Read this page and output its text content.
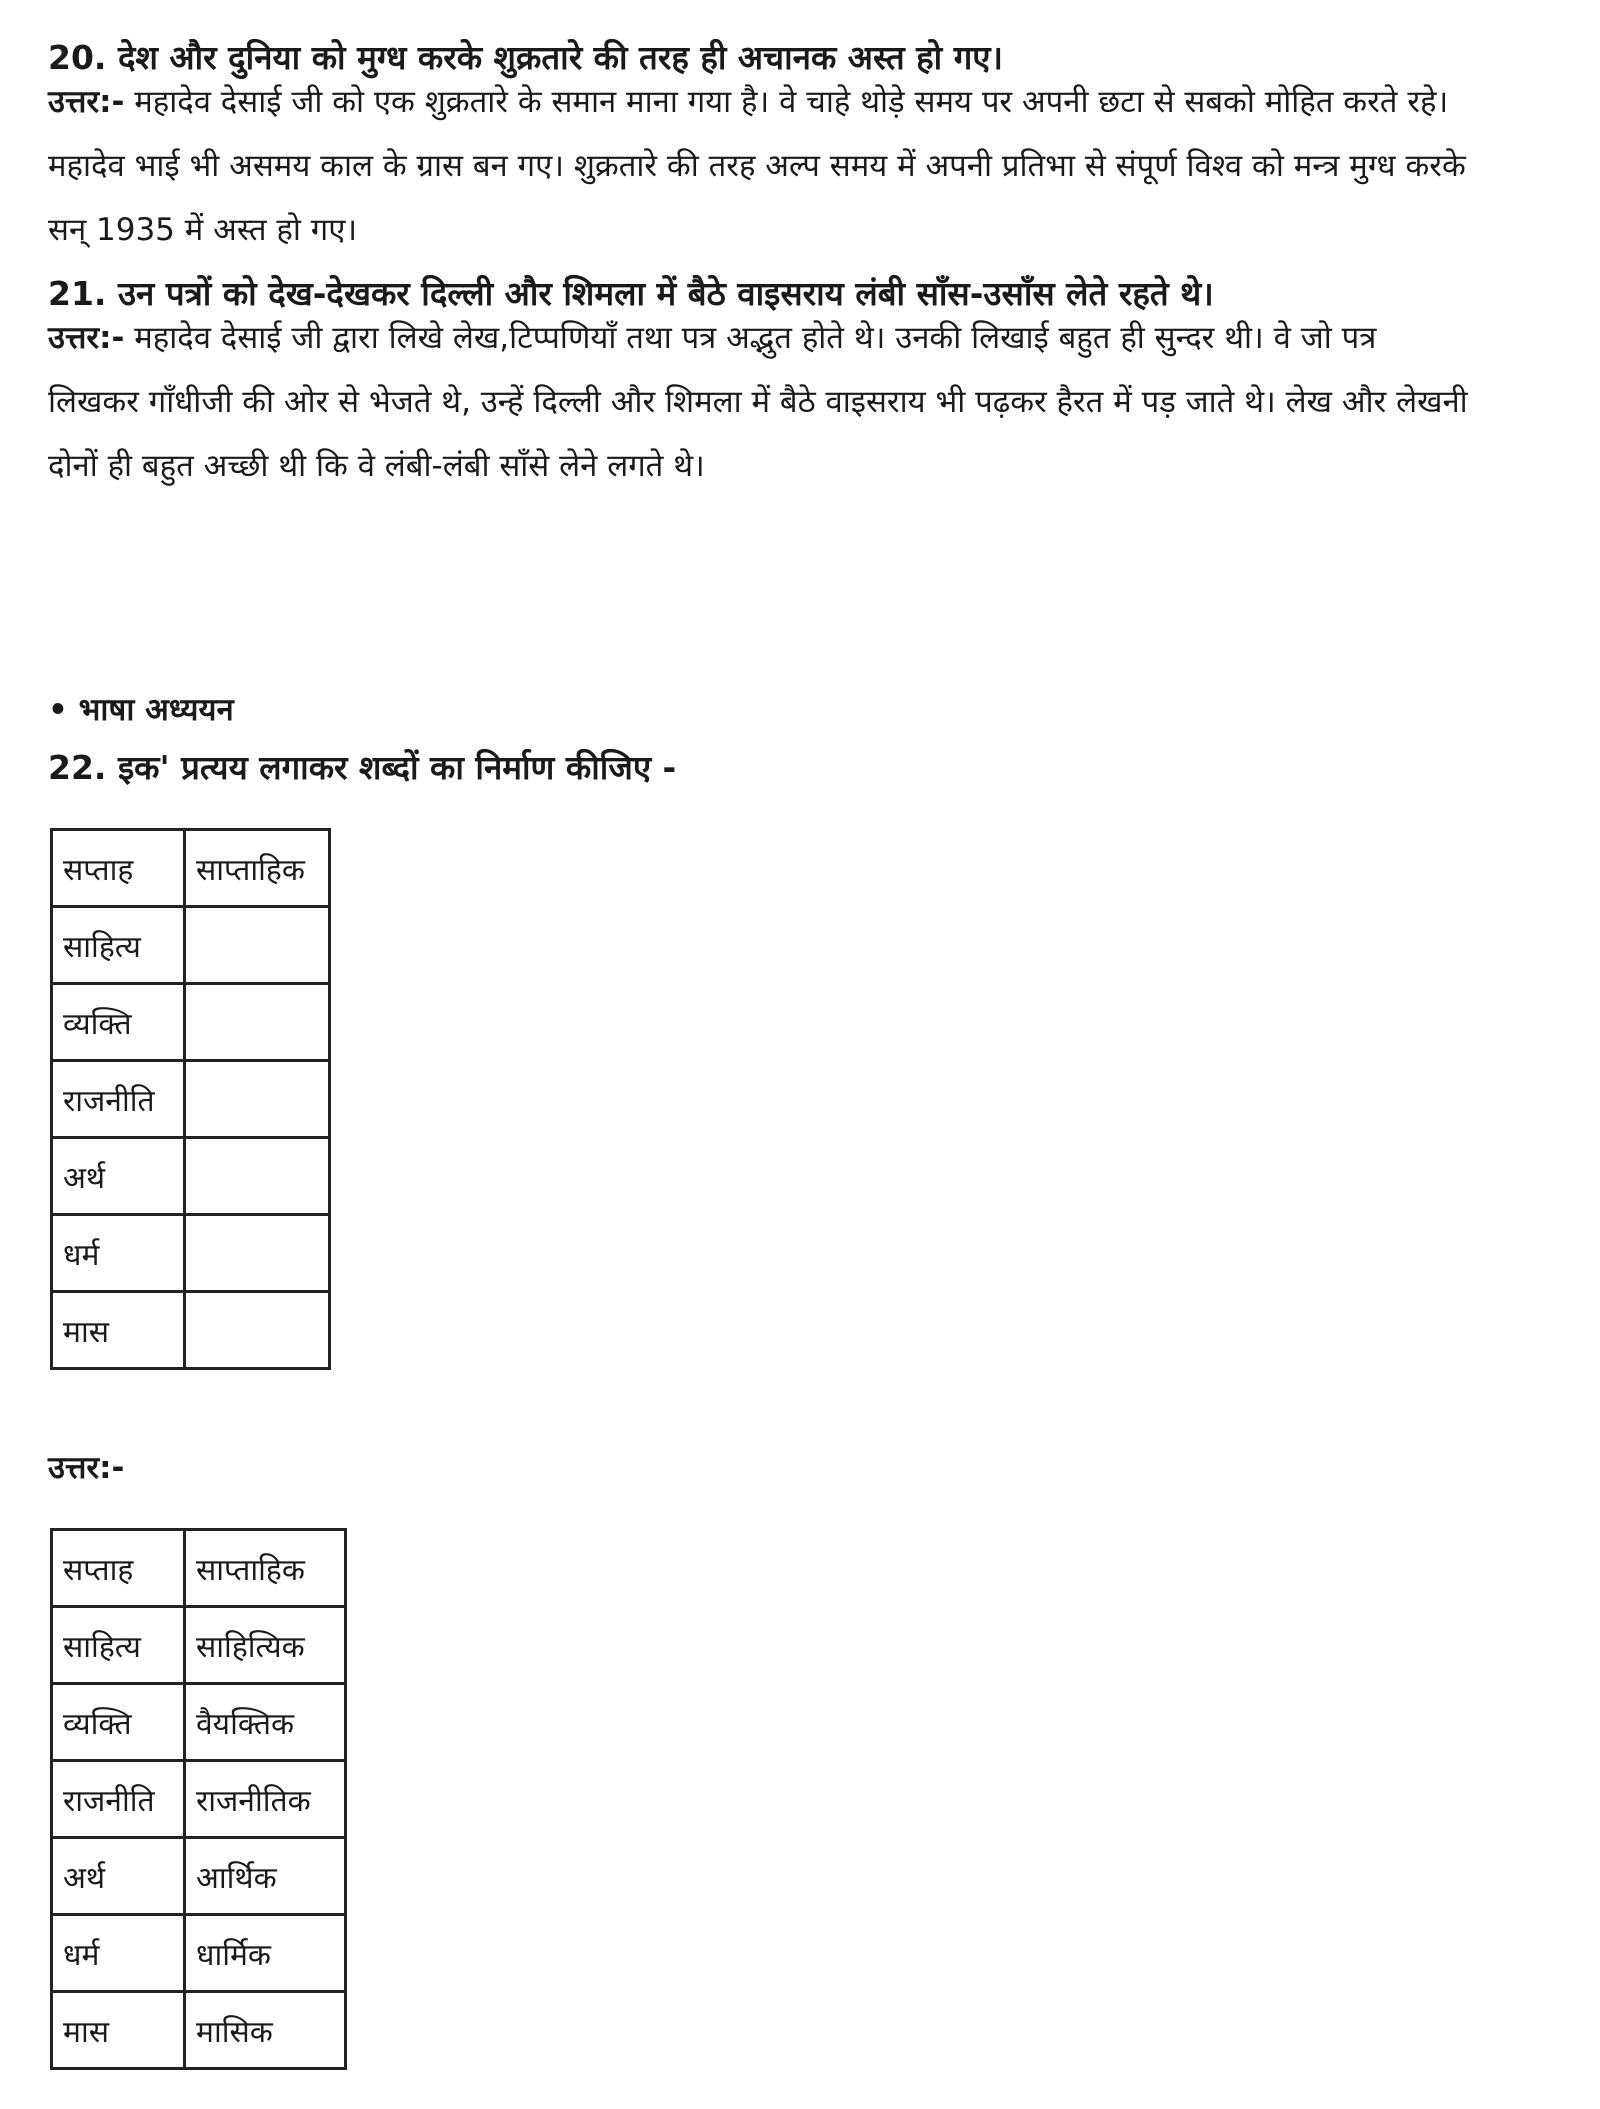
20. देश और दुनिया को मुग्ध करके शुक्रतारे की तरह ही अचानक अस्त हो गए।
उत्तर:- महादेव देसाई जी को एक शुक्रतारे के समान माना गया है। वे चाहे थोड़े समय पर अपनी छटा से सबको मोहित करते रहे।
महादेव भाई भी असमय काल के ग्रास बन गए। शुक्रतारे की तरह अल्प समय में अपनी प्रतिभा से संपूर्ण विश्व को मन्त्र मुग्ध करके
सन् 1935 में अस्त हो गए।
21. उन पत्रों को देख-देखकर दिल्ली और शिमला में बैठे वाइसराय लंबी साँस-उसाँस लेते रहते थे।
उत्तर:- महादेव देसाई जी द्वारा लिखे लेख,टिप्पणियाँ तथा पत्र अद्भुत होते थे। उनकी लिखाई बहुत ही सुन्दर थी। वे जो पत्र
लिखकर गाँधीजी की ओर से भेजते थे, उन्हें दिल्ली और शिमला में बैठे वाइसराय भी पढ़कर हैरत में पड़ जाते थे। लेख और लेखनी
दोनों ही बहुत अच्छी थी कि वे लंबी-लंबी साँसे लेने लगते थे।
• भाषा अध्ययन
22. इक' प्रत्यय लगाकर शब्दों का निर्माण कीजिए -
सप्ताह	साप्ताहिक
साहित्य	
व्यक्ति	
राजनीति	
अर्थ	
धर्म	
मास	
उत्तर:-
सप्ताह	साप्ताहिक
साहित्य	साहित्यिक
व्यक्ति	वैयक्तिक
राजनीति	राजनीतिक
अर्थ	आर्थिक
धर्म	धार्मिक
मास	मासिक
